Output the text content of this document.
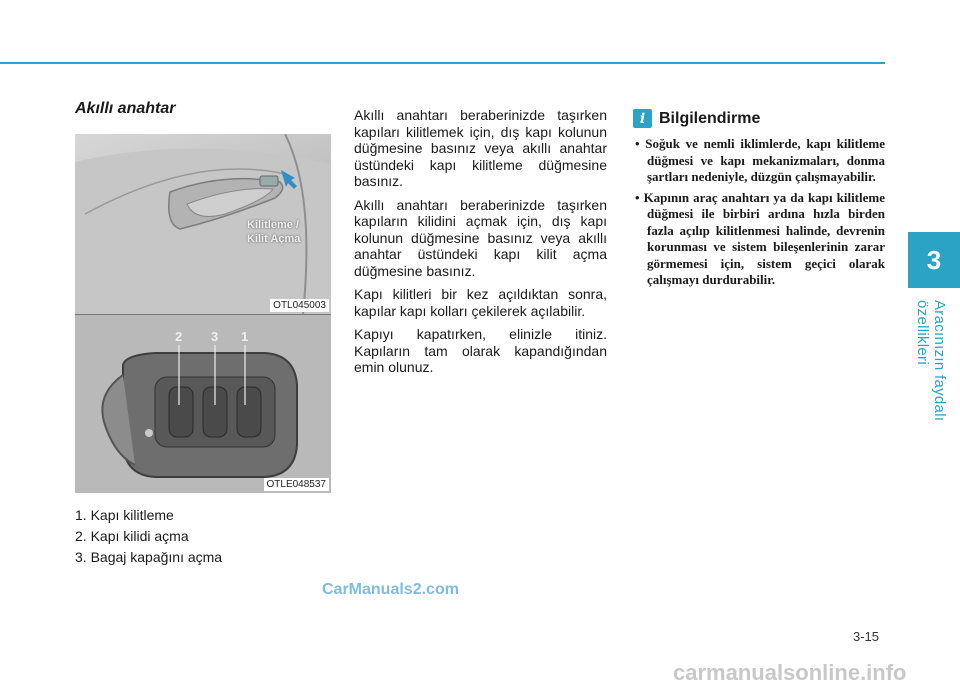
3
Aracınızın faydalı özellikleri
Akıllı anahtar
Kilitleme /
Kilit Açma
OTL045003
2 3 1
OTLE048537
1. Kapı kilitleme
2. Kapı kilidi açma
3. Bagaj kapağını açma

Akıllı anahtarı beraberinizde taşırken kapıları kilitlemek için, dış kapı kolunun düğmesine basınız veya akıllı anahtar üstündeki kapı kilitleme düğmesine basınız.

Akıllı anahtarı beraberinizde taşırken kapıların kilidini açmak için, dış kapı kolunun düğmesine basınız veya akıllı anahtar üstündeki kapı kilit açma düğmesine basınız.

Kapı kilitleri bir kez açıldıktan sonra, kapılar kapı kolları çekilerek açılabilir.

Kapıyı kapatırken, elinizle itiniz. Kapıların tam olarak kapandığından emin olunuz.

i Bilgilendirme
• Soğuk ve nemli iklimlerde, kapı kilitleme düğmesi ve kapı mekanizmaları, donma şartları nedeniyle, düzgün çalışmayabilir.
• Kapının araç anahtarı ya da kapı kilitleme düğmesi ile birbiri ardına hızla birden fazla açılıp kilitlenmesi halinde, devrenin korunması ve sistem bileşenlerinin zarar görmemesi için, sistem geçici olarak çalışmayı durdurabilir.
CarManuals2.com
3-15
carmanualsonline.info
